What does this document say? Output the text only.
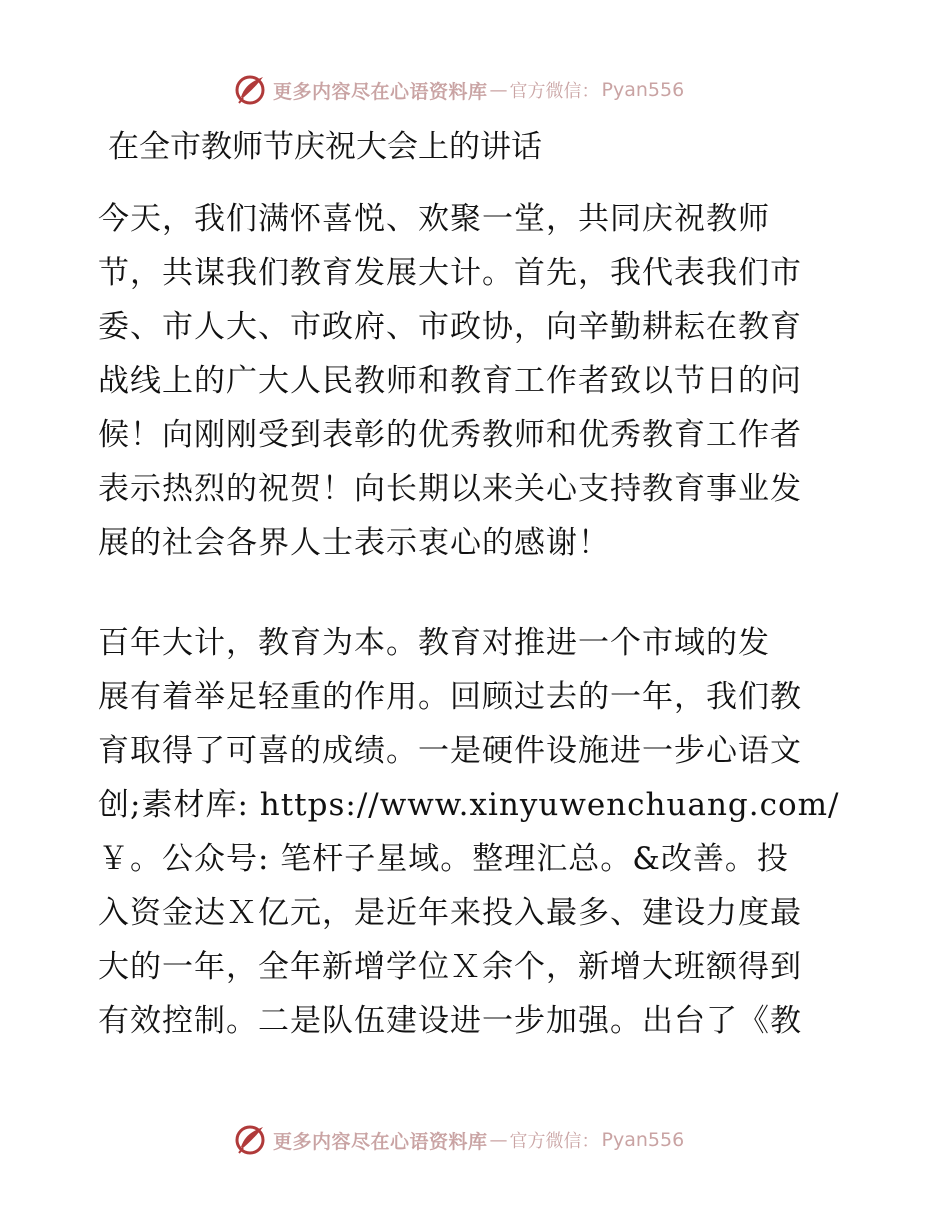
更多内容尽在心语资料库 — 官方微信： Pyan556
在全市教师节庆祝大会上的讲话

今天，我们满怀喜悦、欢聚一堂，共同庆祝教师

节，共谋我们教育发展大计。首先，我代表我们市

委、市人大、市政府、市政协，向辛勤耕耘在教育

战线上的广大人民教师和教育工作者致以节日的问

候！向刚刚受到表彰的优秀教师和优秀教育工作者

表示热烈的祝贺！向长期以来关心支持教育事业发

展的社会各界人士表示衷心的感谢！

百年大计，教育为本。教育对推进一个市域的发

展有着举足轻重的作用。回顾过去的一年，我们教

育取得了可喜的成绩。一是硬件设施进一步心语文

创;素材库: https://www.xinyuwenchuang.com/

￥。公众号: 笔杆子星域。整理汇总。&改善。投

入资金达Ｘ亿元，是近年来投入最多、建设力度最

大的一年，全年新增学位Ｘ余个，新增大班额得到

有效控制。二是队伍建设进一步加强。出台了《教

更多内容尽在心语资料库 — 官方微信： Pyan556
